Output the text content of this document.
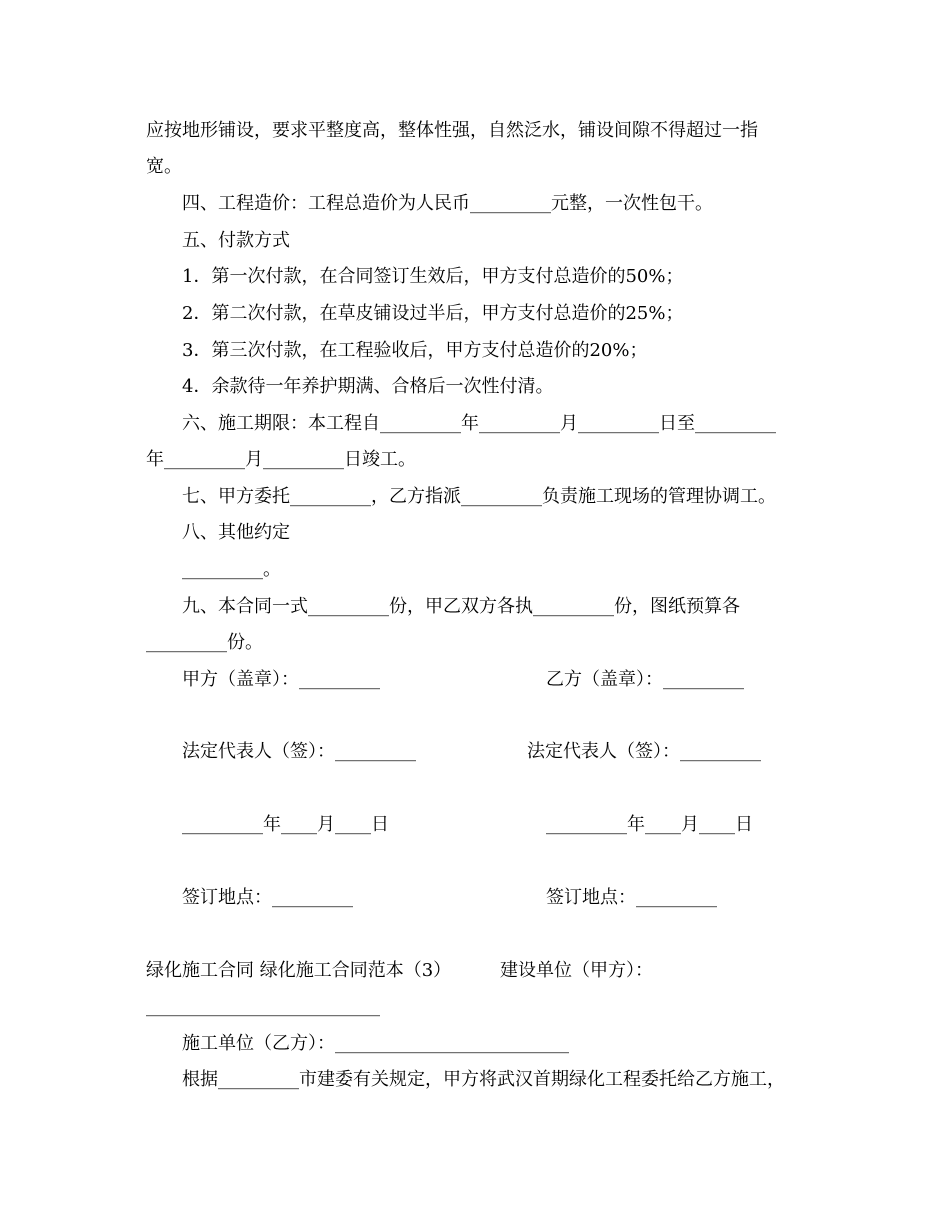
应按地形铺设，要求平整度高，整体性强，自然泛水，铺设间隙不得超过一指
宽。
四、工程造价：工程总造价为人民币_________元整，一次性包干。
五、付款方式
1．第一次付款，在合同签订生效后，甲方支付总造价的50%；
2．第二次付款，在草皮铺设过半后，甲方支付总造价的25%；
3．第三次付款，在工程验收后，甲方支付总造价的20%；
4．余款待一年养护期满、合格后一次性付清。
六、施工期限：本工程自_________年_________月_________日至_________
年_________月_________日竣工。
七、甲方委托_________，乙方指派_________负责施工现场的管理协调工。
八、其他约定
_________。
九、本合同一式_________份，甲乙双方各执_________份，图纸预算各
_________份。
甲方（盖章）：_________	乙方（盖章）：_________
法定代表人（签）：_________	法定代表人（签）：_________
_________年____月____日	_________年____月____日
签订地点：_________	签订地点：_________
绿化施工合同 绿化施工合同范本（3）	建设单位（甲方）：
__________________________
施工单位（乙方）：__________________________
根据_________市建委有关规定，甲方将武汉首期绿化工程委托给乙方施工，
